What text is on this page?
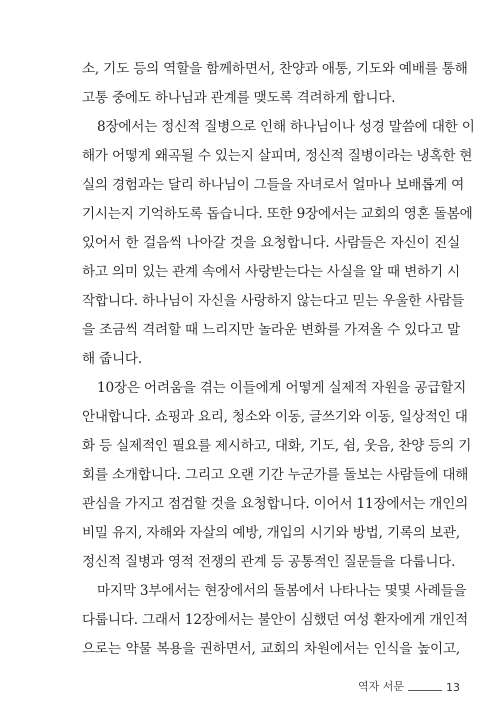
소, 기도 등의 역할을 함께하면서, 찬양과 애통, 기도와 예배를 통해
고통 중에도 하나님과 관계를 맺도록 격려하게 합니다.
8장에서는 정신적 질병으로 인해 하나님이나 성경 말씀에 대한 이
해가 어떻게 왜곡될 수 있는지 살피며, 정신적 질병이라는 냉혹한 현
실의 경험과는 달리 하나님이 그들을 자녀로서 얼마나 보배롭게 여
기시는지 기억하도록 돕습니다. 또한 9장에서는 교회의 영혼 돌봄에
있어서 한 걸음씩 나아갈 것을 요청합니다. 사람들은 자신이 진실
하고 의미 있는 관계 속에서 사랑받는다는 사실을 알 때 변하기 시
작합니다. 하나님이 자신을 사랑하지 않는다고 믿는 우울한 사람들
을 조금씩 격려할 때 느리지만 놀라운 변화를 가져올 수 있다고 말
해 줍니다.
10장은 어려움을 겪는 이들에게 어떻게 실제적 자원을 공급할지
안내합니다. 쇼핑과 요리, 청소와 이동, 글쓰기와 이동, 일상적인 대
화 등 실제적인 필요를 제시하고, 대화, 기도, 쉼, 웃음, 찬양 등의 기
회를 소개합니다. 그리고 오랜 기간 누군가를 돌보는 사람들에 대해
관심을 가지고 점검할 것을 요청합니다. 이어서 11장에서는 개인의
비밀 유지, 자해와 자살의 예방, 개입의 시기와 방법, 기록의 보관,
정신적 질병과 영적 전쟁의 관계 등 공통적인 질문들을 다룹니다.
마지막 3부에서는 현장에서의 돌봄에서 나타나는 몇몇 사례들을
다룹니다. 그래서 12장에서는 불안이 심했던 여성 환자에게 개인적
으로는 약물 복용을 권하면서, 교회의 차원에서는 인식을 높이고,
역자 서문	13
